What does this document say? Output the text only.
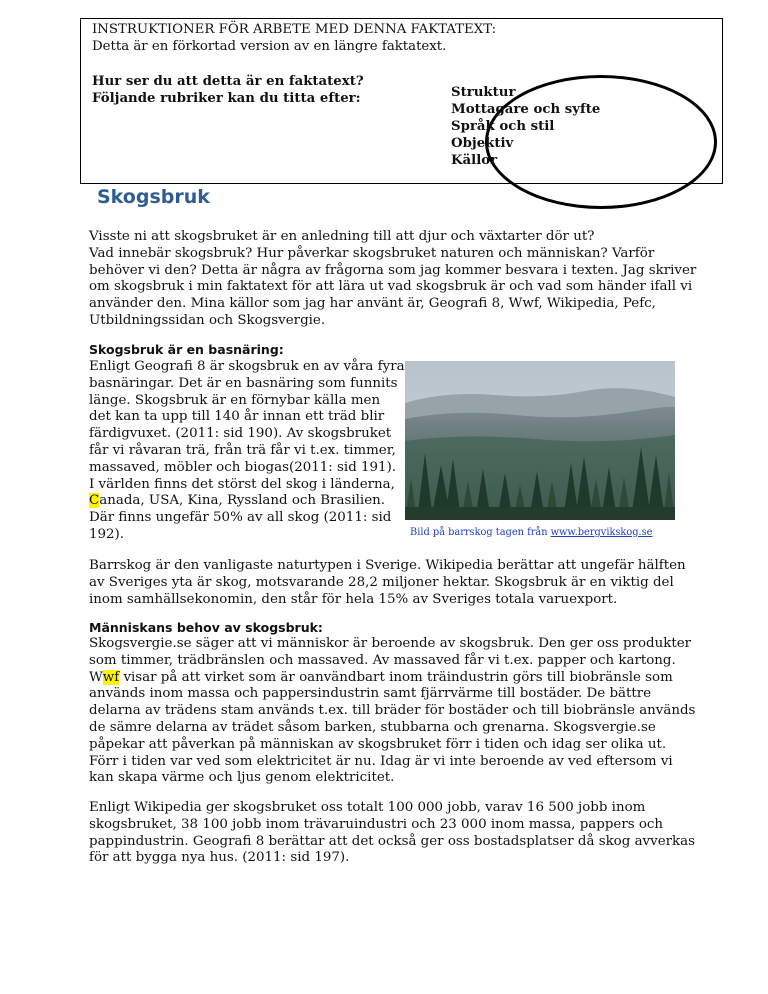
INSTRUKTIONER FÖR ARBETE MED DENNA FAKTATEXT:
Detta är en förkortad version av en längre faktatext.
Hur ser du att detta är en faktatext?
Följande rubriker kan du titta efter:	Struktur
Mottagare och syfte
Språk och stil
Objektiv
Källor
Skogsbruk

Visste ni att skogsbruket är en anledning till att djur och växtarter dör ut?
Vad innebär skogsbruk? Hur påverkar skogsbruket naturen och människan? Varför
behöver vi den? Detta är några av frågorna som jag kommer besvara i texten. Jag skriver
om skogsbruk i min faktatext för att lära ut vad skogsbruk är och vad som händer ifall vi
använder den. Mina källor som jag har använt är, Geografi 8, Wwf, Wikipedia, Pefc,
Utbildningssidan och Skogsvergie.

Skogsbruk är en basnäring:

Enligt Geografi 8 är skogsbruk en av våra fyra
basnäringar. Det är en basnäring som funnits
länge. Skogsbruk är en förnybar källa men
det kan ta upp till 140 år innan ett träd blir
färdigvuxet. (2011: sid 190). Av skogsbruket
får vi råvaran trä, från trä får vi t.ex. timmer,
massaved, möbler och biogas(2011: sid 191).
I världen finns det störst del skog i länderna,
Canada, USA, Kina, Ryssland och Brasilien.
Där finns ungefär 50% av all skog (2011: sid
192).	Bild på barrskog tagen från www.bergvikskog.se

Barrskog är den vanligaste naturtypen i Sverige. Wikipedia berättar att ungefär hälften
av Sveriges yta är skog, motsvarande 28,2 miljoner hektar. Skogsbruk är en viktig del
inom samhällsekonomin, den står för hela 15% av Sveriges totala varuexport.

Människans behov av skogsbruk:

Skogsvergie.se säger att vi människor är beroende av skogsbruk. Den ger oss produkter
som timmer, trädbränslen och massaved. Av massaved får vi t.ex. papper och kartong.
Wwf visar på att virket som är oanvändbart inom träindustrin görs till biobränsle som
används inom massa och pappersindustrin samt fjärrvärme till bostäder. De bättre
delarna av trädens stam används t.ex. till bräder för bostäder och till biobränsle används
de sämre delarna av trädet såsom barken, stubbarna och grenarna. Skogsvergie.se
påpekar att påverkan på människan av skogsbruket förr i tiden och idag ser olika ut.
Förr i tiden var ved som elektricitet är nu. Idag är vi inte beroende av ved eftersom vi
kan skapa värme och ljus genom elektricitet.

Enligt Wikipedia ger skogsbruket oss totalt 100 000 jobb, varav 16 500 jobb inom
skogsbruket, 38 100 jobb inom trävaruindustri och 23 000 inom massa, pappers och
pappindustrin. Geografi 8 berättar att det också ger oss bostadsplatser då skog avverkas
för att bygga nya hus. (2011: sid 197).
